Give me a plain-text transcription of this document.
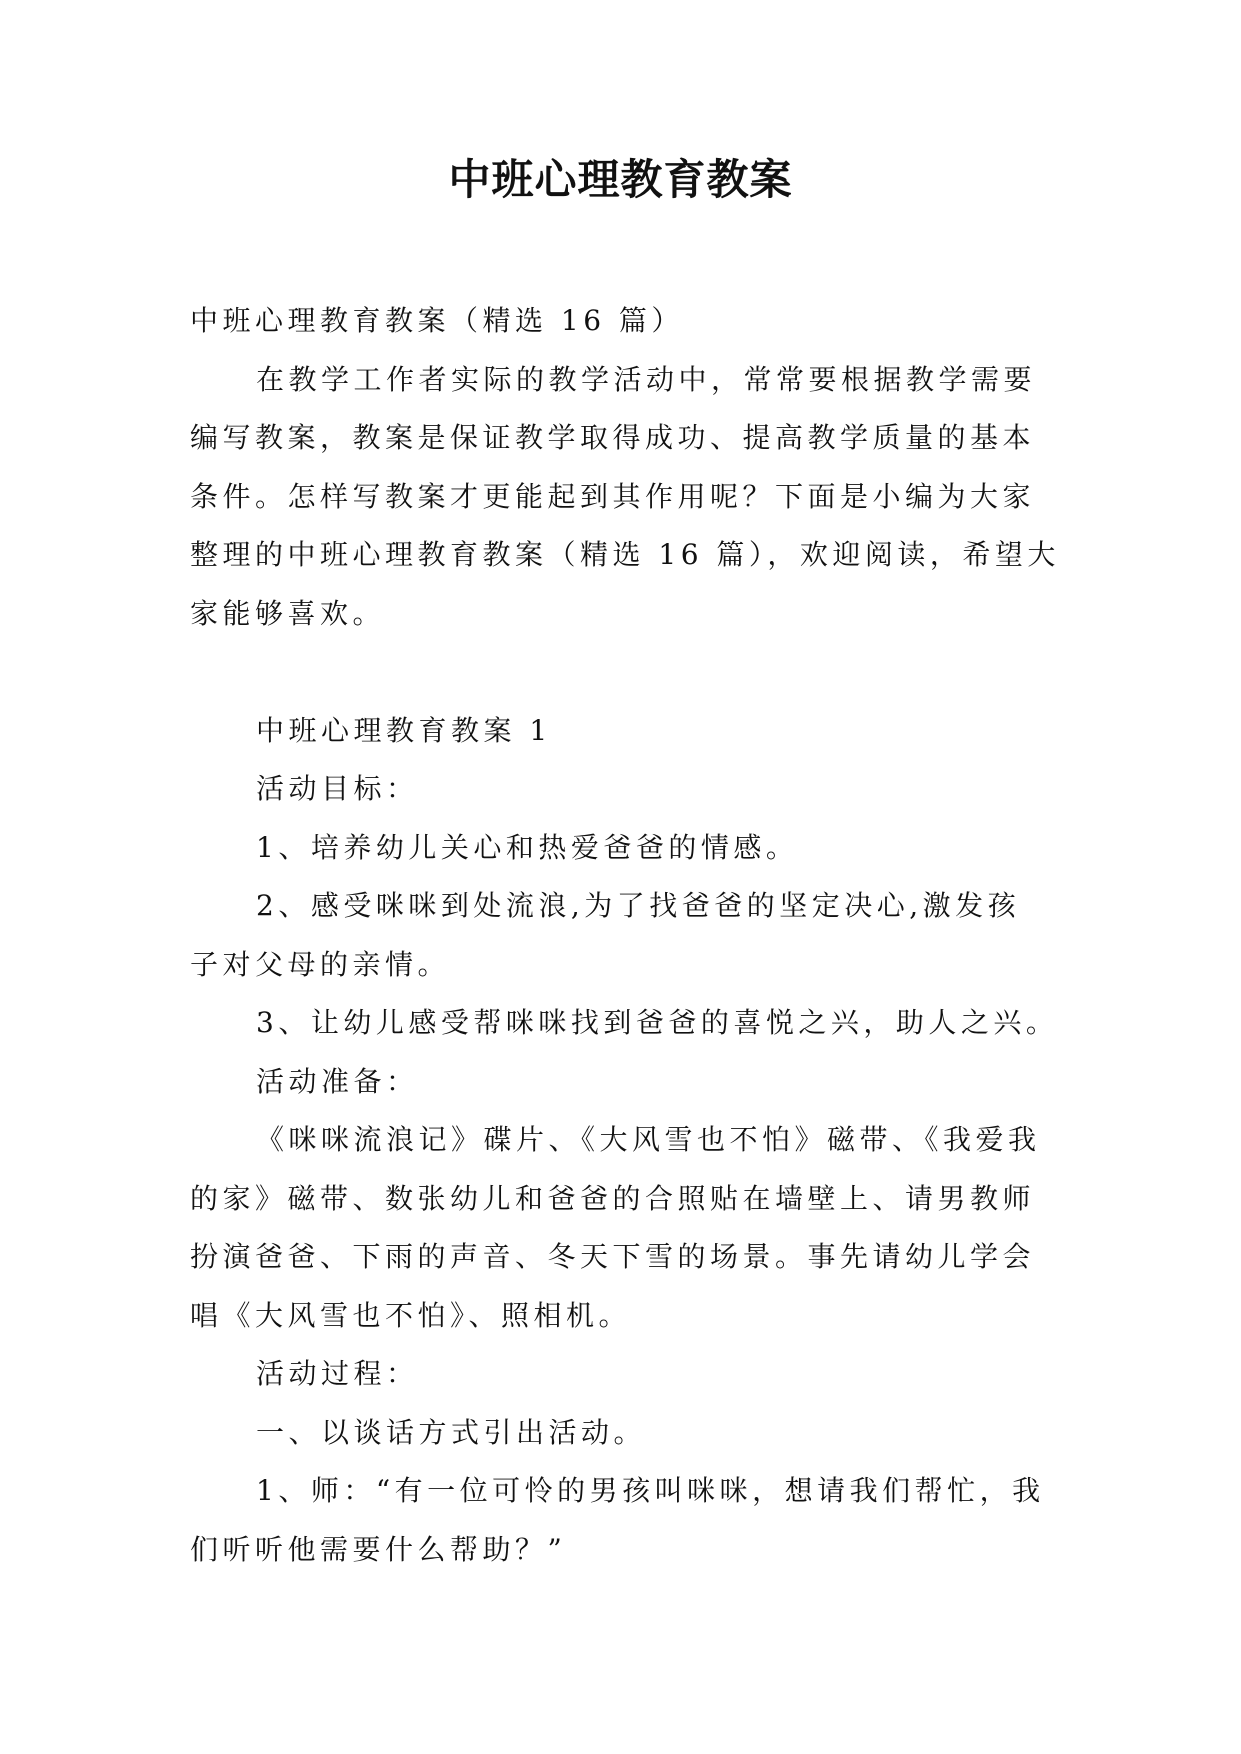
中班心理教育教案

中班心理教育教案（精选 16 篇）

在教学工作者实际的教学活动中，常常要根据教学需要

编写教案，教案是保证教学取得成功、提高教学质量的基本

条件。怎样写教案才更能起到其作用呢？下面是小编为大家

整理的中班心理教育教案（精选 16 篇），欢迎阅读，希望大

家能够喜欢。

中班心理教育教案 1

活动目标：

1、培养幼儿关心和热爱爸爸的情感。

2、感受咪咪到处流浪,为了找爸爸的坚定决心,激发孩

子对父母的亲情。

3、让幼儿感受帮咪咪找到爸爸的喜悦之兴，助人之兴。

活动准备：

《咪咪流浪记》碟片、《大风雪也不怕》磁带、《我爱我

的家》磁带、数张幼儿和爸爸的合照贴在墙壁上、请男教师

扮演爸爸、下雨的声音、冬天下雪的场景。事先请幼儿学会

唱《大风雪也不怕》、照相机。

活动过程：

一、以谈话方式引出活动。

1、师：“有一位可怜的男孩叫咪咪，想请我们帮忙，我

们听听他需要什么帮助？”
